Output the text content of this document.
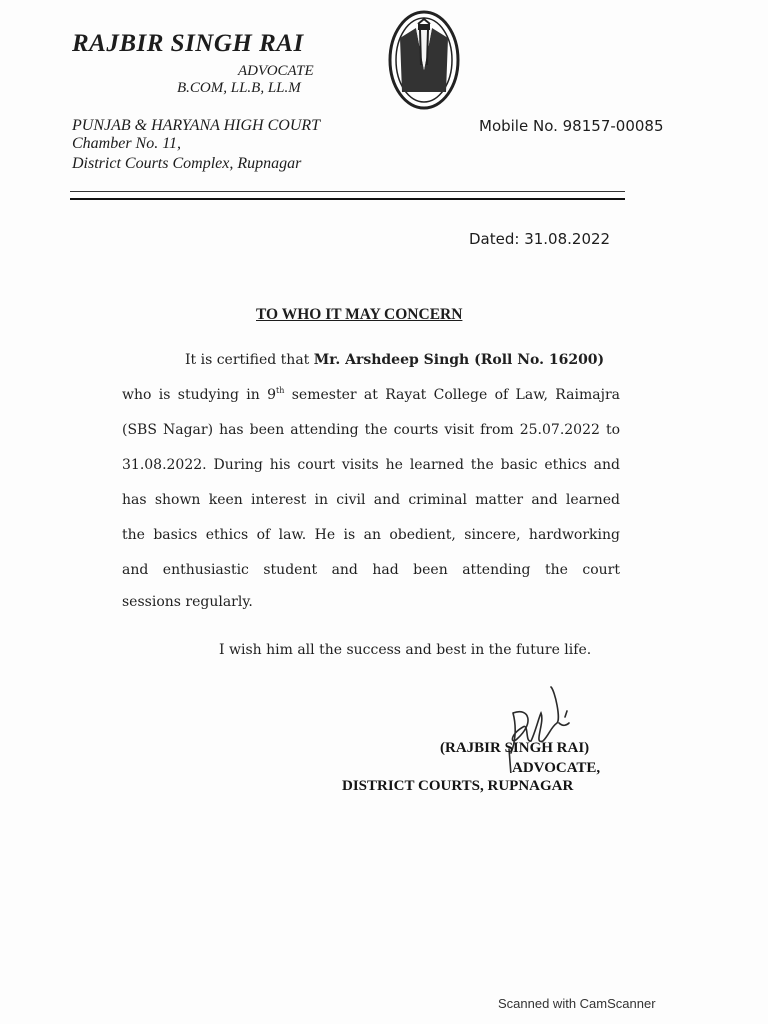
RAJBIR SINGH RAI
ADVOCATE
B.COM, LL.B, LL.M
PUNJAB & HARYANA HIGH COURT
Chamber No. 11,
District Courts Complex, Rupnagar
Mobile No. 98157-00085
Dated: 31.08.2022
TO WHO IT MAY CONCERN
It is certified that Mr. Arshdeep Singh (Roll No. 16200)
who is studying in 9th semester at Rayat College of Law, Raimajra
(SBS Nagar) has been attending the courts visit from 25.07.2022 to
31.08.2022. During his court visits he learned the basic ethics and
has shown keen interest in civil and criminal matter and learned
the basics ethics of law. He is an obedient, sincere, hardworking
and enthusiastic student and had been attending the court
sessions regularly.
I wish him all the success and best in the future life.
(RAJBIR SINGH RAI)
ADVOCATE,
DISTRICT COURTS, RUPNAGAR
Scanned with CamScanner
